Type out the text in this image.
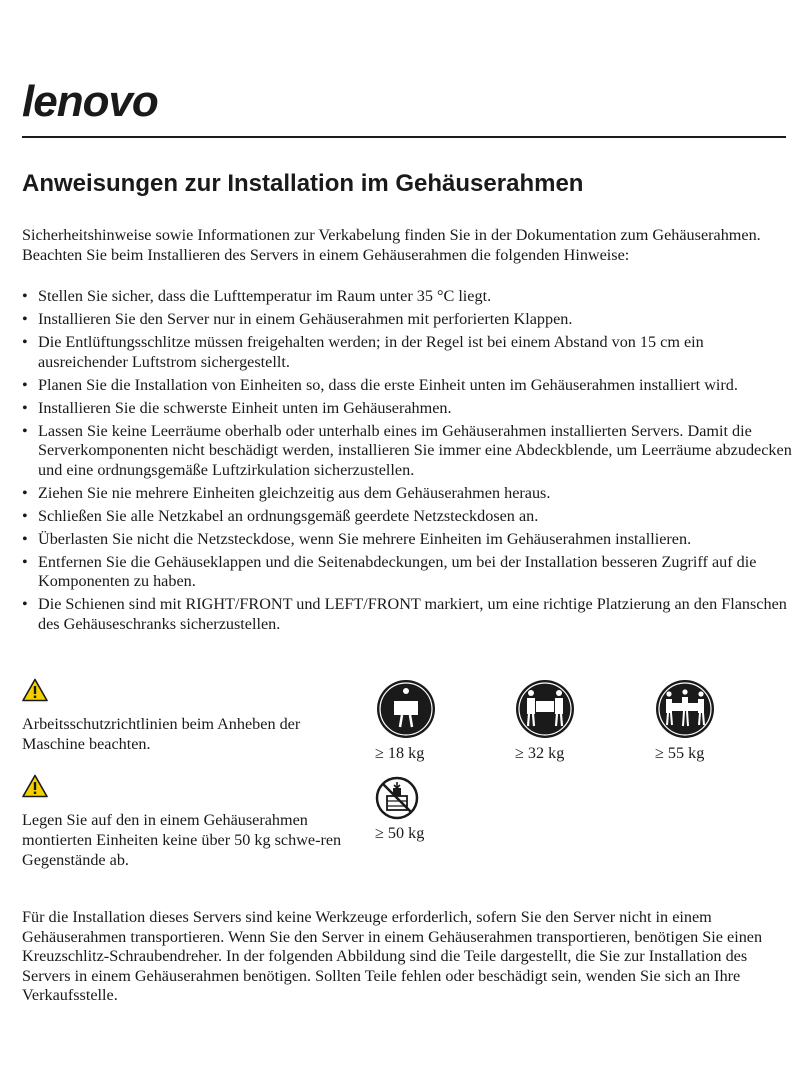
lenovo
Anweisungen zur Installation im Gehäuserahmen
Sicherheitshinweise sowie Informationen zur Verkabelung finden Sie in der Dokumentation zum Gehäuserahmen. Beachten Sie beim Installieren des Servers in einem Gehäuserahmen die folgenden Hinweise:
• Stellen Sie sicher, dass die Lufttemperatur im Raum unter 35 °C liegt.
• Installieren Sie den Server nur in einem Gehäuserahmen mit perforierten Klappen.
• Die Entlüftungsschlitze müssen freigehalten werden; in der Regel ist bei einem Abstand von 15 cm ein ausreichender Luftstrom sichergestellt.
• Planen Sie die Installation von Einheiten so, dass die erste Einheit unten im Gehäuserahmen installiert wird.
• Installieren Sie die schwerste Einheit unten im Gehäuserahmen.
• Lassen Sie keine Leerräume oberhalb oder unterhalb eines im Gehäuserahmen installierten Servers. Damit die Serverkomponenten nicht beschädigt werden, installieren Sie immer eine Abdeckblende, um Leerräume abzudecken und eine ordnungsgemäße Luftzirkulation sicherzustellen.
• Ziehen Sie nie mehrere Einheiten gleichzeitig aus dem Gehäuserahmen heraus.
• Schließen Sie alle Netzkabel an ordnungsgemäß geerdete Netzsteckdosen an.
• Überlasten Sie nicht die Netzsteckdose, wenn Sie mehrere Einheiten im Gehäuserahmen installieren.
• Entfernen Sie die Gehäuseklappen und die Seitenabdeckungen, um bei der Installation besseren Zugriff auf die Komponenten zu haben.
• Die Schienen sind mit RIGHT/FRONT und LEFT/FRONT markiert, um eine richtige Platzierung an den Flanschen des Gehäuseschranks sicherzustellen.
Arbeitsschutzrichtlinien beim Anheben der Maschine beachten.	≥ 18 kg	≥ 32 kg	≥ 55 kg
Legen Sie auf den in einem Gehäuserahmen montierten Einheiten keine über 50 kg schwe-ren Gegenstände ab.
≥ 50 kg
Für die Installation dieses Servers sind keine Werkzeuge erforderlich, sofern Sie den Server nicht in einem Gehäuserahmen transportieren. Wenn Sie den Server in einem Gehäuserahmen transportieren, benötigen Sie einen Kreuzschlitz-Schraubendreher. In der folgenden Abbildung sind die Teile dargestellt, die Sie zur Installation des Servers in einem Gehäuserahmen benötigen. Sollten Teile fehlen oder beschädigt sein, wenden Sie sich an Ihre Verkaufsstelle.
